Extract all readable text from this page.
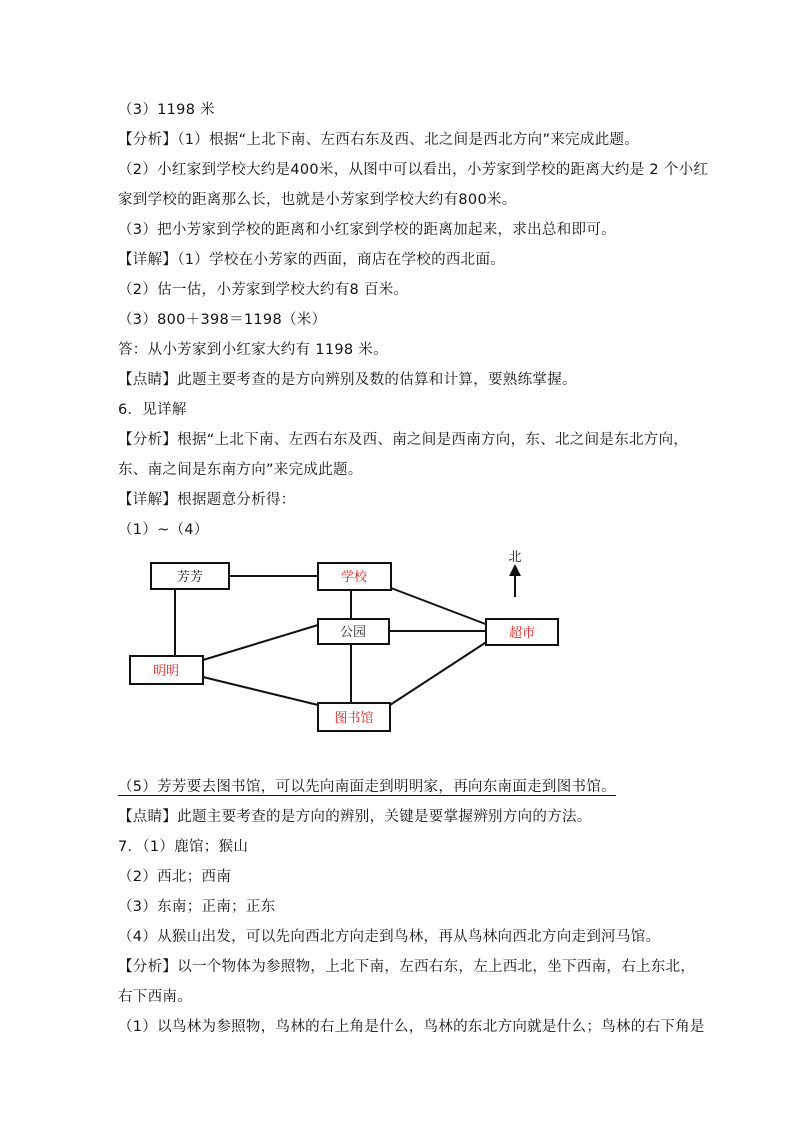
（3）1198 米
【分析】（1）根据“上北下南、左西右东及西、北之间是西北方向”来完成此题。
（2）小红家到学校大约是400米，从图中可以看出，小芳家到学校的距离大约是 2 个小红
家到学校的距离那么长，也就是小芳家到学校大约有800米。
（3）把小芳家到学校的距离和小红家到学校的距离加起来，求出总和即可。
【详解】（1）学校在小芳家的西面，商店在学校的西北面。
（2）估一估，小芳家到学校大约有8 百米。
（3）800＋398＝1198（米）
答：从小芳家到小红家大约有 1198 米。
【点睛】此题主要考查的是方向辨别及数的估算和计算，要熟练掌握。
6．见详解
【分析】根据“上北下南、左西右东及西、南之间是西南方向，东、北之间是东北方向，
东、南之间是东南方向”来完成此题。
【详解】根据题意分析得：
（1）~（4）
北
芳芳	学校
公园	超市
明明
图书馆
（5）芳芳要去图书馆，可以先向南面走到明明家，再向东南面走到图书馆。
【点睛】此题主要考查的是方向的辨别，关键是要掌握辨别方向的方法。
7．（1）鹿馆；猴山
（2）西北；西南
（3）东南；正南；正东
（4）从猴山出发，可以先向西北方向走到鸟林，再从鸟林向西北方向走到河马馆。
【分析】以一个物体为参照物，上北下南，左西右东，左上西北，坐下西南，右上东北，
右下西南。
（1）以鸟林为参照物，鸟林的右上角是什么，鸟林的东北方向就是什么；鸟林的右下角是
